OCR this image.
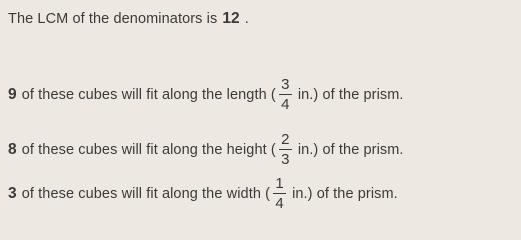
The LCM of the denominators is 12 .
9 of these cubes will fit along the length ( $\frac{3}{4} in$.) of the prism.
8 of these cubes will fit along the height ( $\frac{2}{3} in$.) of the prism.
3 of these cubes will fit along the width ( $\frac{1}{4} in$.) of the prism.
